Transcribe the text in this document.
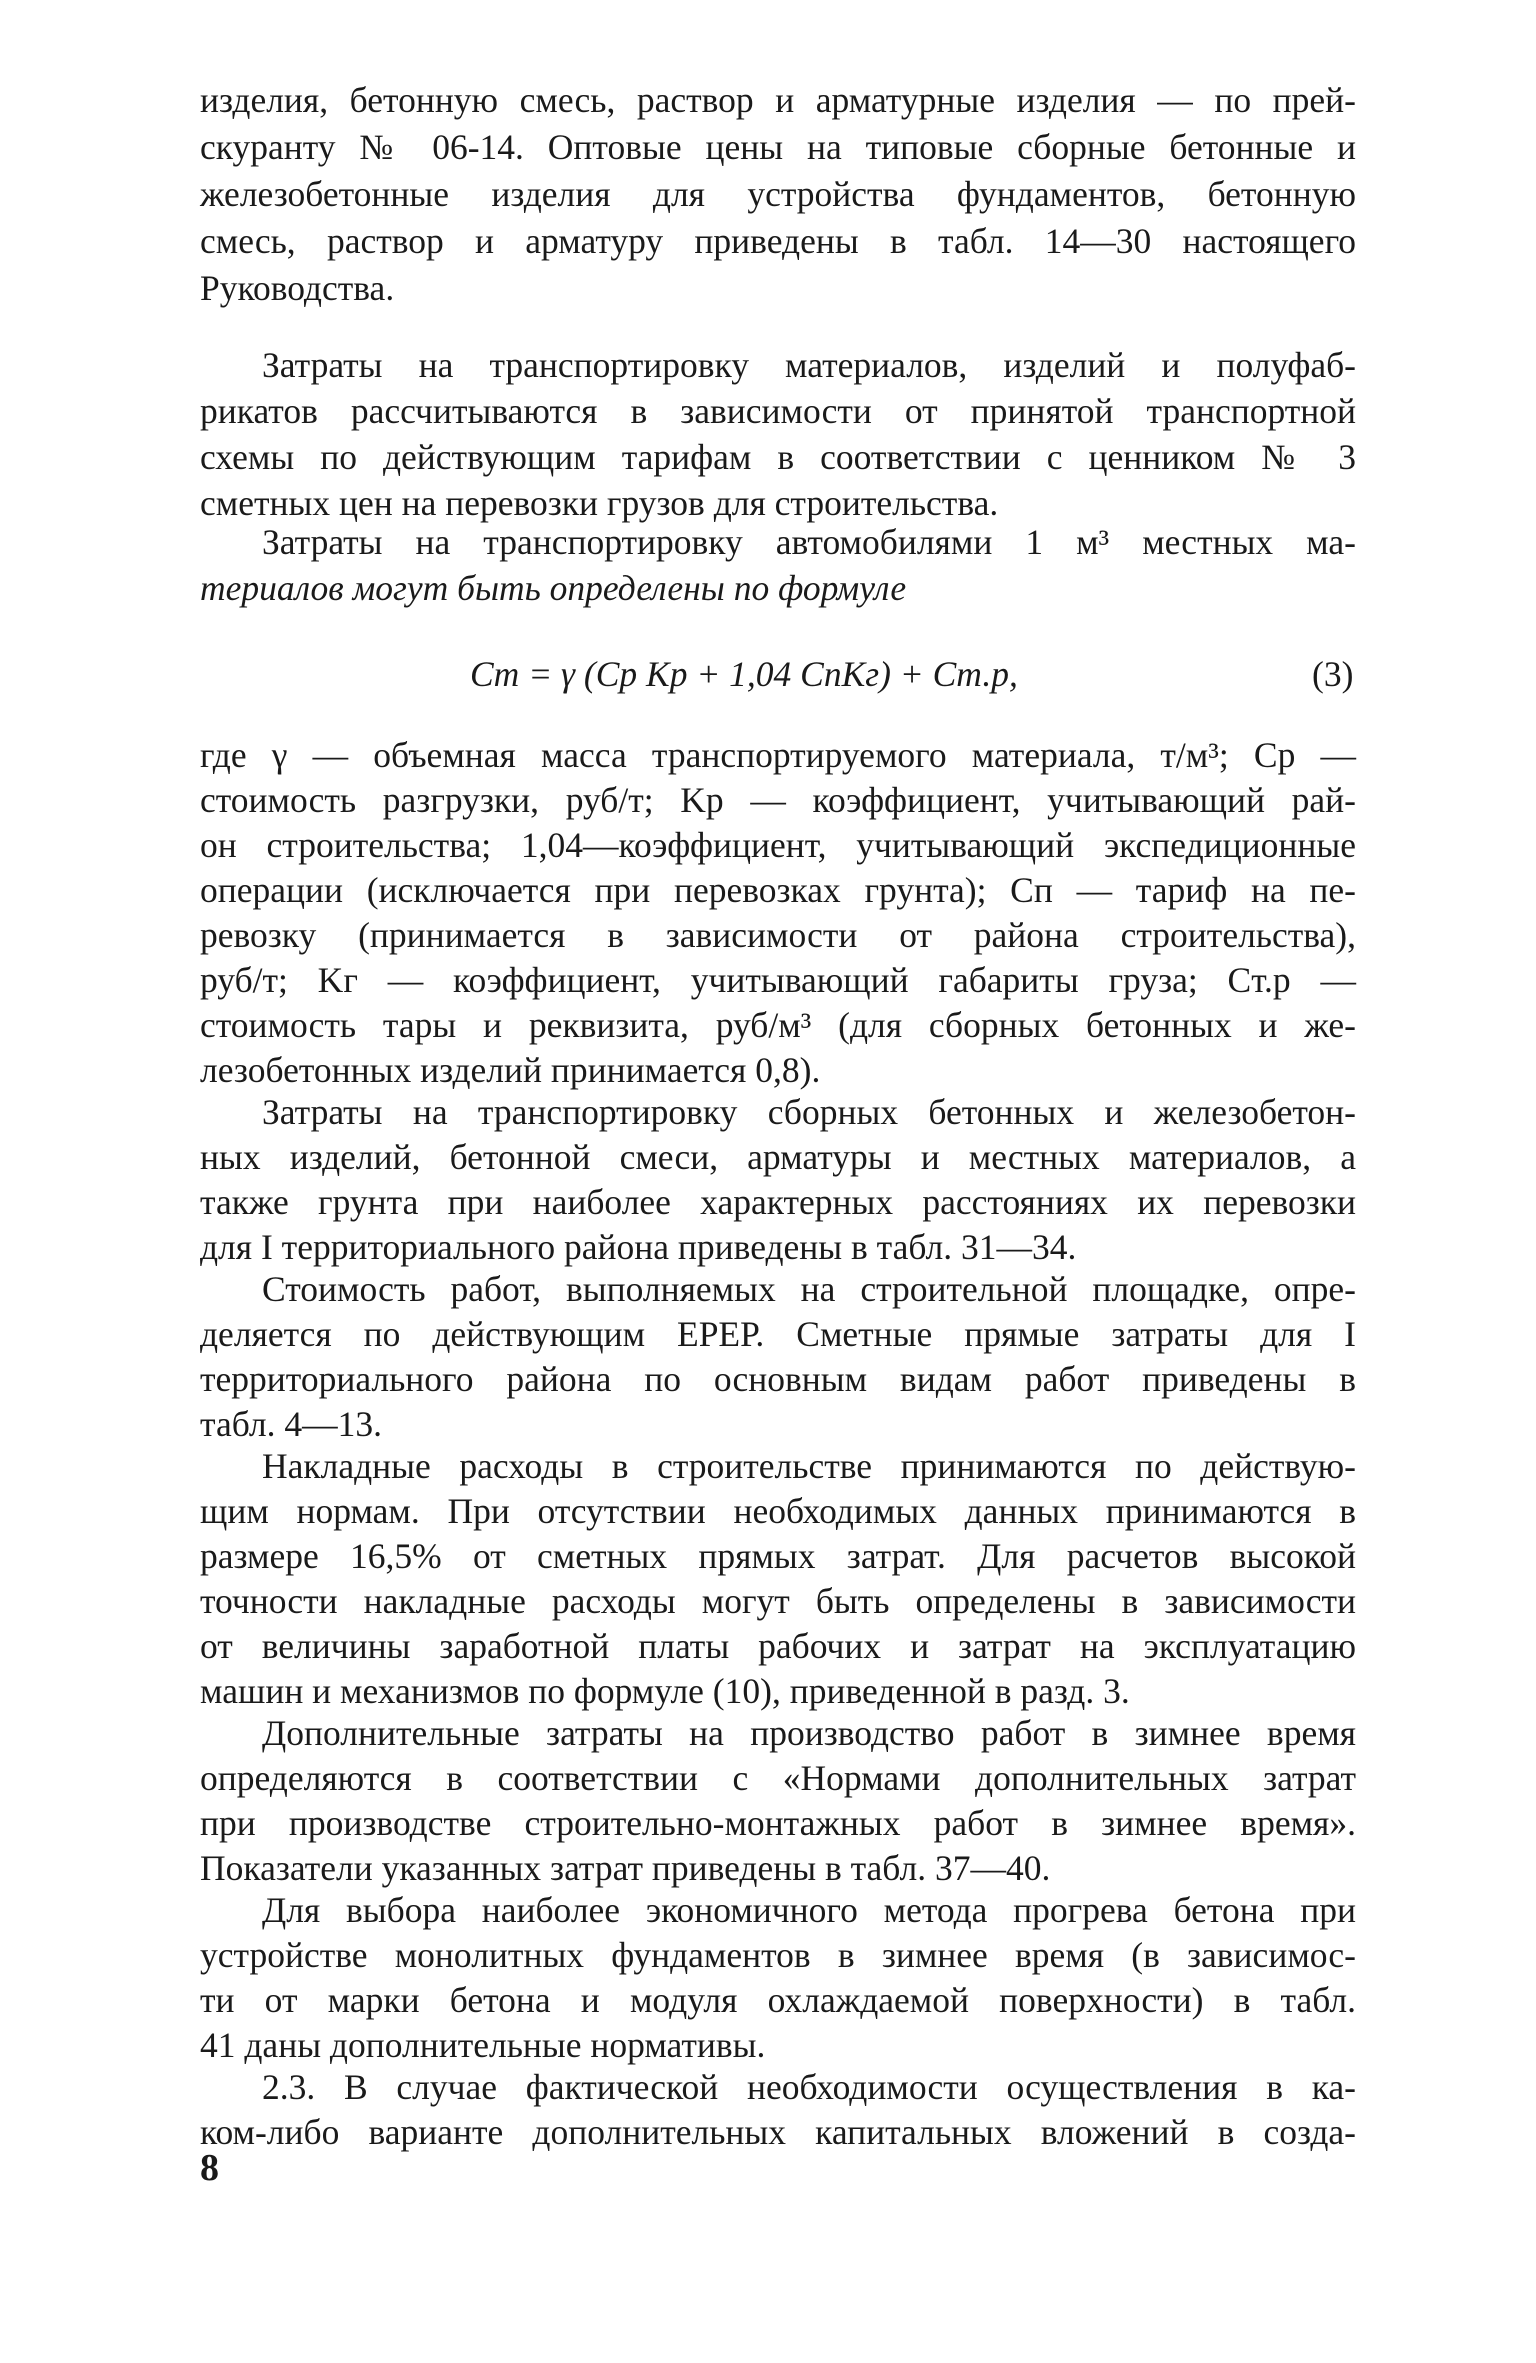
изделия, бетонную смесь, раствор и арматурные изделия — по прей-
скуранту № 06-14. Оптовые цены на типовые сборные бетонные и
железобетонные изделия для устройства фундаментов, бетонную
смесь, раствор и арматуру приведены в табл. 14—30 настоящего
Руководства.
Затраты на транспортировку материалов, изделий и полуфаб-
рикатов рассчитываются в зависимости от принятой транспортной
схемы по действующим тарифам в соответствии с ценником № 3
сметных цен на перевозки грузов для строительства.
Затраты на транспортировку автомобилями 1 м³ местных ма-
териалов могут быть определены по формуле
Cт = γ (Cр Kр + 1,04 CпKг) + Cт.р,	(3)
где γ — объемная масса транспортируемого материала, т/м³; Cр —
стоимость разгрузки, руб/т; Kр — коэффициент, учитывающий рай-
он строительства; 1,04—коэффициент, учитывающий экспедиционные
операции (исключается при перевозках грунта); Cп — тариф на пе-
ревозку (принимается в зависимости от района строительства),
руб/т; Kг — коэффициент, учитывающий габариты груза; Cт.р —
стоимость тары и реквизита, руб/м³ (для сборных бетонных и же-
лезобетонных изделий принимается 0,8).
Затраты на транспортировку сборных бетонных и железобетон-
ных изделий, бетонной смеси, арматуры и местных материалов, а
также грунта при наиболее характерных расстояниях их перевозки
для I территориального района приведены в табл. 31—34.
Стоимость работ, выполняемых на строительной площадке, опре-
деляется по действующим ЕРЕР. Сметные прямые затраты для I
территориального района по основным видам работ приведены в
табл. 4—13.
Накладные расходы в строительстве принимаются по действую-
щим нормам. При отсутствии необходимых данных принимаются в
размере 16,5% от сметных прямых затрат. Для расчетов высокой
точности накладные расходы могут быть определены в зависимости
от величины заработной платы рабочих и затрат на эксплуатацию
машин и механизмов по формуле (10), приведенной в разд. 3.
Дополнительные затраты на производство работ в зимнее время
определяются в соответствии с «Нормами дополнительных затрат
при производстве строительно-монтажных работ в зимнее время».
Показатели указанных затрат приведены в табл. 37—40.
Для выбора наиболее экономичного метода прогрева бетона при
устройстве монолитных фундаментов в зимнее время (в зависимос-
ти от марки бетона и модуля охлаждаемой поверхности) в табл.
41 даны дополнительные нормативы.
2.3. В случае фактической необходимости осуществления в ка-
ком-либо варианте дополнительных капитальных вложений в созда-
8
